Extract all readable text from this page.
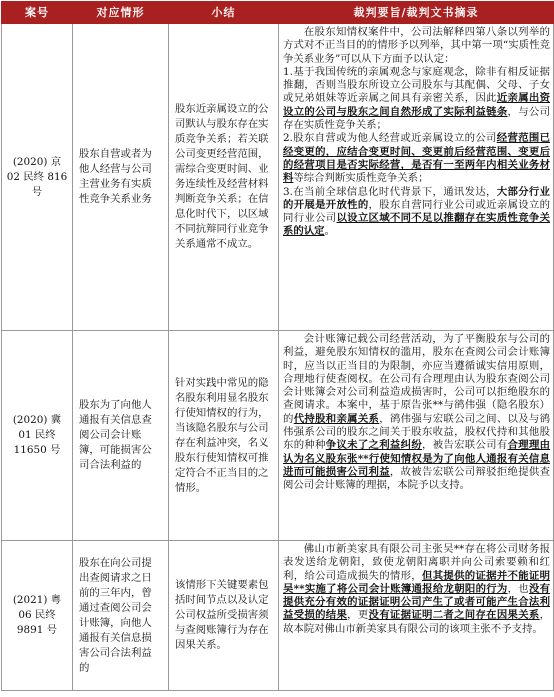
案号	对应情形	小结	裁判要旨/裁判文书摘录
(2020) 京 02 民终 816 号	股东自营或者为他人经营与公司主营业务有实质性竞争关系业务	股东近亲属设立的公司默认与股东存在实质竞争关系；若关联公司变更经营范围，需综合变更时间、业务连续性及经营材料判断竞争关系；在信息化时代下，以区域不同抗辩同行业竞争关系通常不成立。	在股东知情权案件中，公司法解释四第八条以列举的方式对不正当目的的情形予以列举，其中第一项“实质性竞争关系业务”可以从下方面予以认定：

1.基于我国传统的亲属观念与家庭观念，除非有相反证据推翻，否则当股东所设立公司股东与其配偶、父母、子女或兄弟姐妹等近亲属之间具有亲密关系，因此近亲属出资设立的公司与股东之间自然形成了实际利益链条，与公司存在实质性竞争关系；

2.股东自营或为他人经营或近亲属设立的公司经营范围已经变更的，应结合变更时间、变更前后经营范围、变更后的经营项目是否实际经营，是否有一至两年内相关业务材料等综合判断实质性竞争关系；

3.在当前全球信息化时代背景下，通讯发达，大部分行业的开展是开放性的，股东自营同行业公司或近亲属设立的同行业公司以设立区域不同不足以推翻存在实质性竞争关系的认定。

(2020) 冀 01 民终 11650 号	股东为了向他人通报有关信息查阅公司会计账簿，可能损害公司合法利益的	针对实践中常见的隐名股东利用显名股东行使知情权的行为，当该隐名股东与公司存在利益冲突，名义股东行使知情权可推定符合不正当目的之情形。	会计账簿记载公司经营活动，为了平衡股东与公司的利益，避免股东知情权的滥用，股东在查阅公司会计账簿时，应当以正当目的为限制，亦应当遵循诚实信用原则，合理地行使查阅权。在公司有合理理由认为股东查阅公司会计账簿会对公司利益造成损害时，公司可以拒绝股东的查阅请求。本案中，基于原告张**与鹆伟强（隐名股东）的代持股和亲属关系，鹆伟强与宏联公司之间、以及与鹆伟强系公司的股东之间关于股东收益，股权代持和其他股东的种种争议未了之利益纠纷，被告宏联公司有合理理由认为名义股东张**行使知情权是为了向他人通报有关信息进而可能损害公司利益，故被告宏联公司辩驳拒绝提供查阅公司会计账簿的理据，本院予以支持。

(2021) 粤 06 民终 9891 号	股东在向公司提出查阅请求之日前的三年内，曾通过查阅公司会计账簿，向他人通报有关信息损害公司合法利益的	该情形下关键要素包括时间节点以及认定公司权益所受损害须与查阅账簿行为存在因果关系。	佛山市新美家具有限公司主张吴**存在将公司财务报表发送给龙朝阳，致使龙朝阳离职并向公司索要赖和红利，给公司造成损失的情形，但其提供的证据并不能证明吴**实施了将公司会计账簿通报给龙朝阳的行为，也没有提供充分有效的证据证明公司产生了或者可能产生合法利益受损的结果，更没有证据证明二者之间存在因果关系，故本院对佛山市新美家具有限公司的该项主张不予支持。
